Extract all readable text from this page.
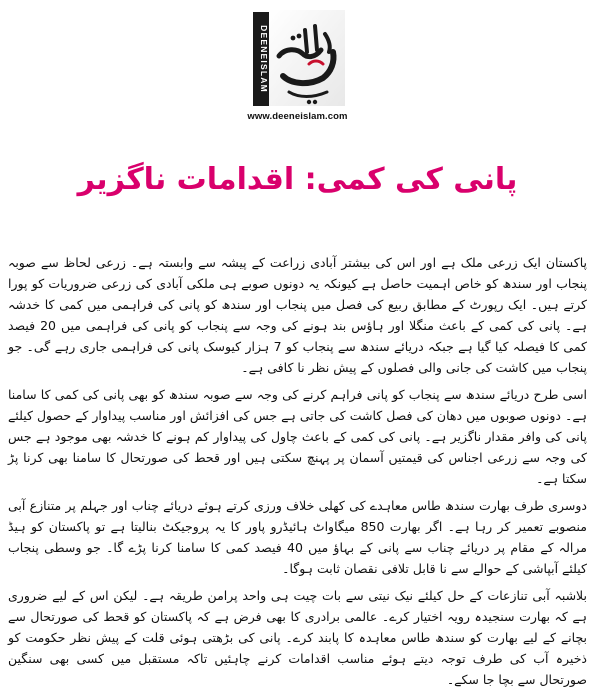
DEENEISLAM
www.deeneislam.com
پانی کی کمی: اقدامات ناگزیر

پاکستان ایک زرعی ملک ہے اور اس کی بیشتر آبادی زراعت کے پیشہ سے وابستہ ہے۔ زرعی لحاظ سے صوبہ پنجاب اور سندھ کو خاص اہمیت حاصل ہے کیونکہ یہ دونوں صوبے ہی ملکی آبادی کی زرعی ضروریات کو پورا کرتے ہیں۔ ایک رپورٹ کے مطابق ربیع کی فصل میں پنجاب اور سندھ کو پانی کی فراہمی میں کمی کا خدشہ ہے۔ پانی کی کمی کے باعث منگلا اور ہاؤس بند ہونے کی وجہ سے پنجاب کو پانی کی فراہمی میں 20 فیصد کمی کا فیصلہ کیا گیا ہے جبکہ دریائے سندھ سے پنجاب کو 7 ہزار کیوسک پانی کی فراہمی جاری رہے گی۔ جو پنجاب میں کاشت کی جانی والی فصلوں کے پیش نظر نا کافی ہے۔

اسی طرح دریائے سندھ سے پنجاب کو پانی فراہم کرنے کی وجہ سے صوبہ سندھ کو بھی پانی کی کمی کا سامنا ہے۔ دونوں صوبوں میں دھان کی فصل کاشت کی جاتی ہے جس کی افزائش اور مناسب پیداوار کے حصول کیلئے پانی کی وافر مقدار ناگزیر ہے۔ پانی کی کمی کے باعث چاول کی پیداوار کم ہونے کا خدشہ بھی موجود ہے جس کی وجہ سے زرعی اجناس کی قیمتیں آسمان پر پہنچ سکتی ہیں اور قحط کی صورتحال کا سامنا بھی کرنا پڑ سکتا ہے۔

دوسری طرف بھارت سندھ طاس معاہدے کی کھلی خلاف ورزی کرتے ہوئے دریائے چناب اور جہلم پر متنازع آبی منصوبے تعمیر کر رہا ہے۔ اگر بھارت 850 میگاواٹ ہائیڈرو پاور کا یہ پروجیکٹ بنالیتا ہے تو پاکستان کو ہیڈ مرالہ کے مقام پر دریائے چناب سے پانی کے بہاؤ میں 40 فیصد کمی کا سامنا کرنا پڑے گا۔ جو وسطی پنجاب کیلئے آبپاشی کے حوالے سے نا قابل تلافی نقصان ثابت ہوگا۔

بلاشبہ آبی تنازعات کے حل کیلئے نیک نیتی سے بات چیت ہی واحد پرامن طریقہ ہے۔ لیکن اس کے لیے ضروری ہے کہ بھارت سنجیدہ رویہ اختیار کرے۔ عالمی برادری کا بھی فرض ہے کہ پاکستان کو قحط کی صورتحال سے بچانے کے لیے بھارت کو سندھ طاس معاہدہ کا پابند کرے۔ پانی کی بڑھتی ہوئی قلت کے پیش نظر حکومت کو ذخیرہ آب کی طرف توجہ دیتے ہوئے مناسب اقدامات کرنے چاہئیں تاکہ مستقبل میں کسی بھی سنگین صورتحال سے بچا جا سکے۔
